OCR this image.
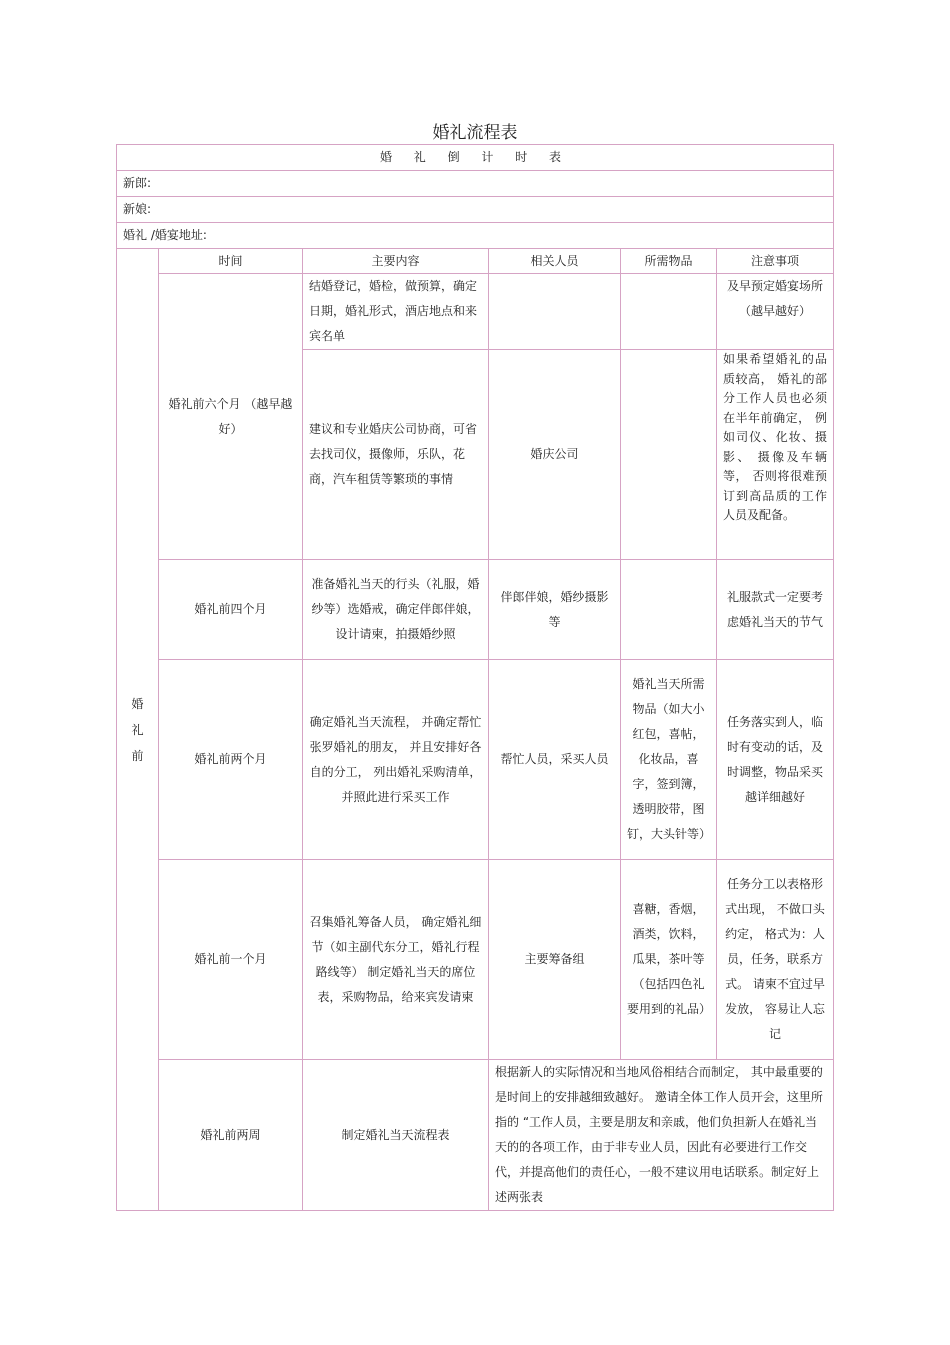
婚礼流程表
婚 礼 倒 计 时 表					
新郎:					
新娘:					
婚礼 /婚宴地址:					

婚
礼
前	时间	主要内容	相关人员	所需物品	注意事项
	婚礼前六个月 （越早越好）	结婚登记，婚检，做预算，确定日期，婚礼形式，酒店地点和来宾名单			及早预定婚宴场所（越早越好）
		建议和专业婚庆公司协商，可省去找司仪，摄像师，乐队，花商，汽车租赁等繁琐的事情	婚庆公司		如果希望婚礼的品质较高， 婚礼的部分工作人员也必须在半年前确定， 例如司仪、化妆、摄影、 摄像及车辆等， 否则将很难预订到高品质的工作人员及配备。
	婚礼前四个月	准备婚礼当天的行头（礼服，婚纱等）选婚戒，确定伴郎伴娘，设计请柬，拍摄婚纱照	伴郎伴娘，婚纱摄影等		礼服款式一定要考虑婚礼当天的节气
	婚礼前两个月	确定婚礼当天流程， 并确定帮忙张罗婚礼的朋友， 并且安排好各自的分工， 列出婚礼采购清单， 并照此进行采买工作	帮忙人员，采买人员	婚礼当天所需物品（如大小红包，喜帖，化妆品，喜字，签到簿，透明胶带，图钉，大头针等）	任务落实到人，临时有变动的话，及时调整，物品采买越详细越好
	婚礼前一个月	召集婚礼筹备人员， 确定婚礼细节（如主副代东分工，婚礼行程路线等） 制定婚礼当天的席位表，采购物品，给来宾发请柬	主要筹备组	喜糖，香烟，酒类，饮料，瓜果，茶叶等（包括四色礼要用到的礼品）	任务分工以表格形式出现， 不做口头约定， 格式为：人员，任务，联系方式。 请柬不宜过早发放， 容易让人忘记
	婚礼前两周	制定婚礼当天流程表	根据新人的实际情况和当地风俗相结合而制定， 其中最重要的是时间上的安排越细致越好。 邀请全体工作人员开会，这里所指的 “工作人员，主要是朋友和亲戚，他们负担新人在婚礼当天的的各项工作，由于非专业人员，因此有必要进行工作交代，并提高他们的责任心，一般不建议用电话联系。制定好上述两张表		
